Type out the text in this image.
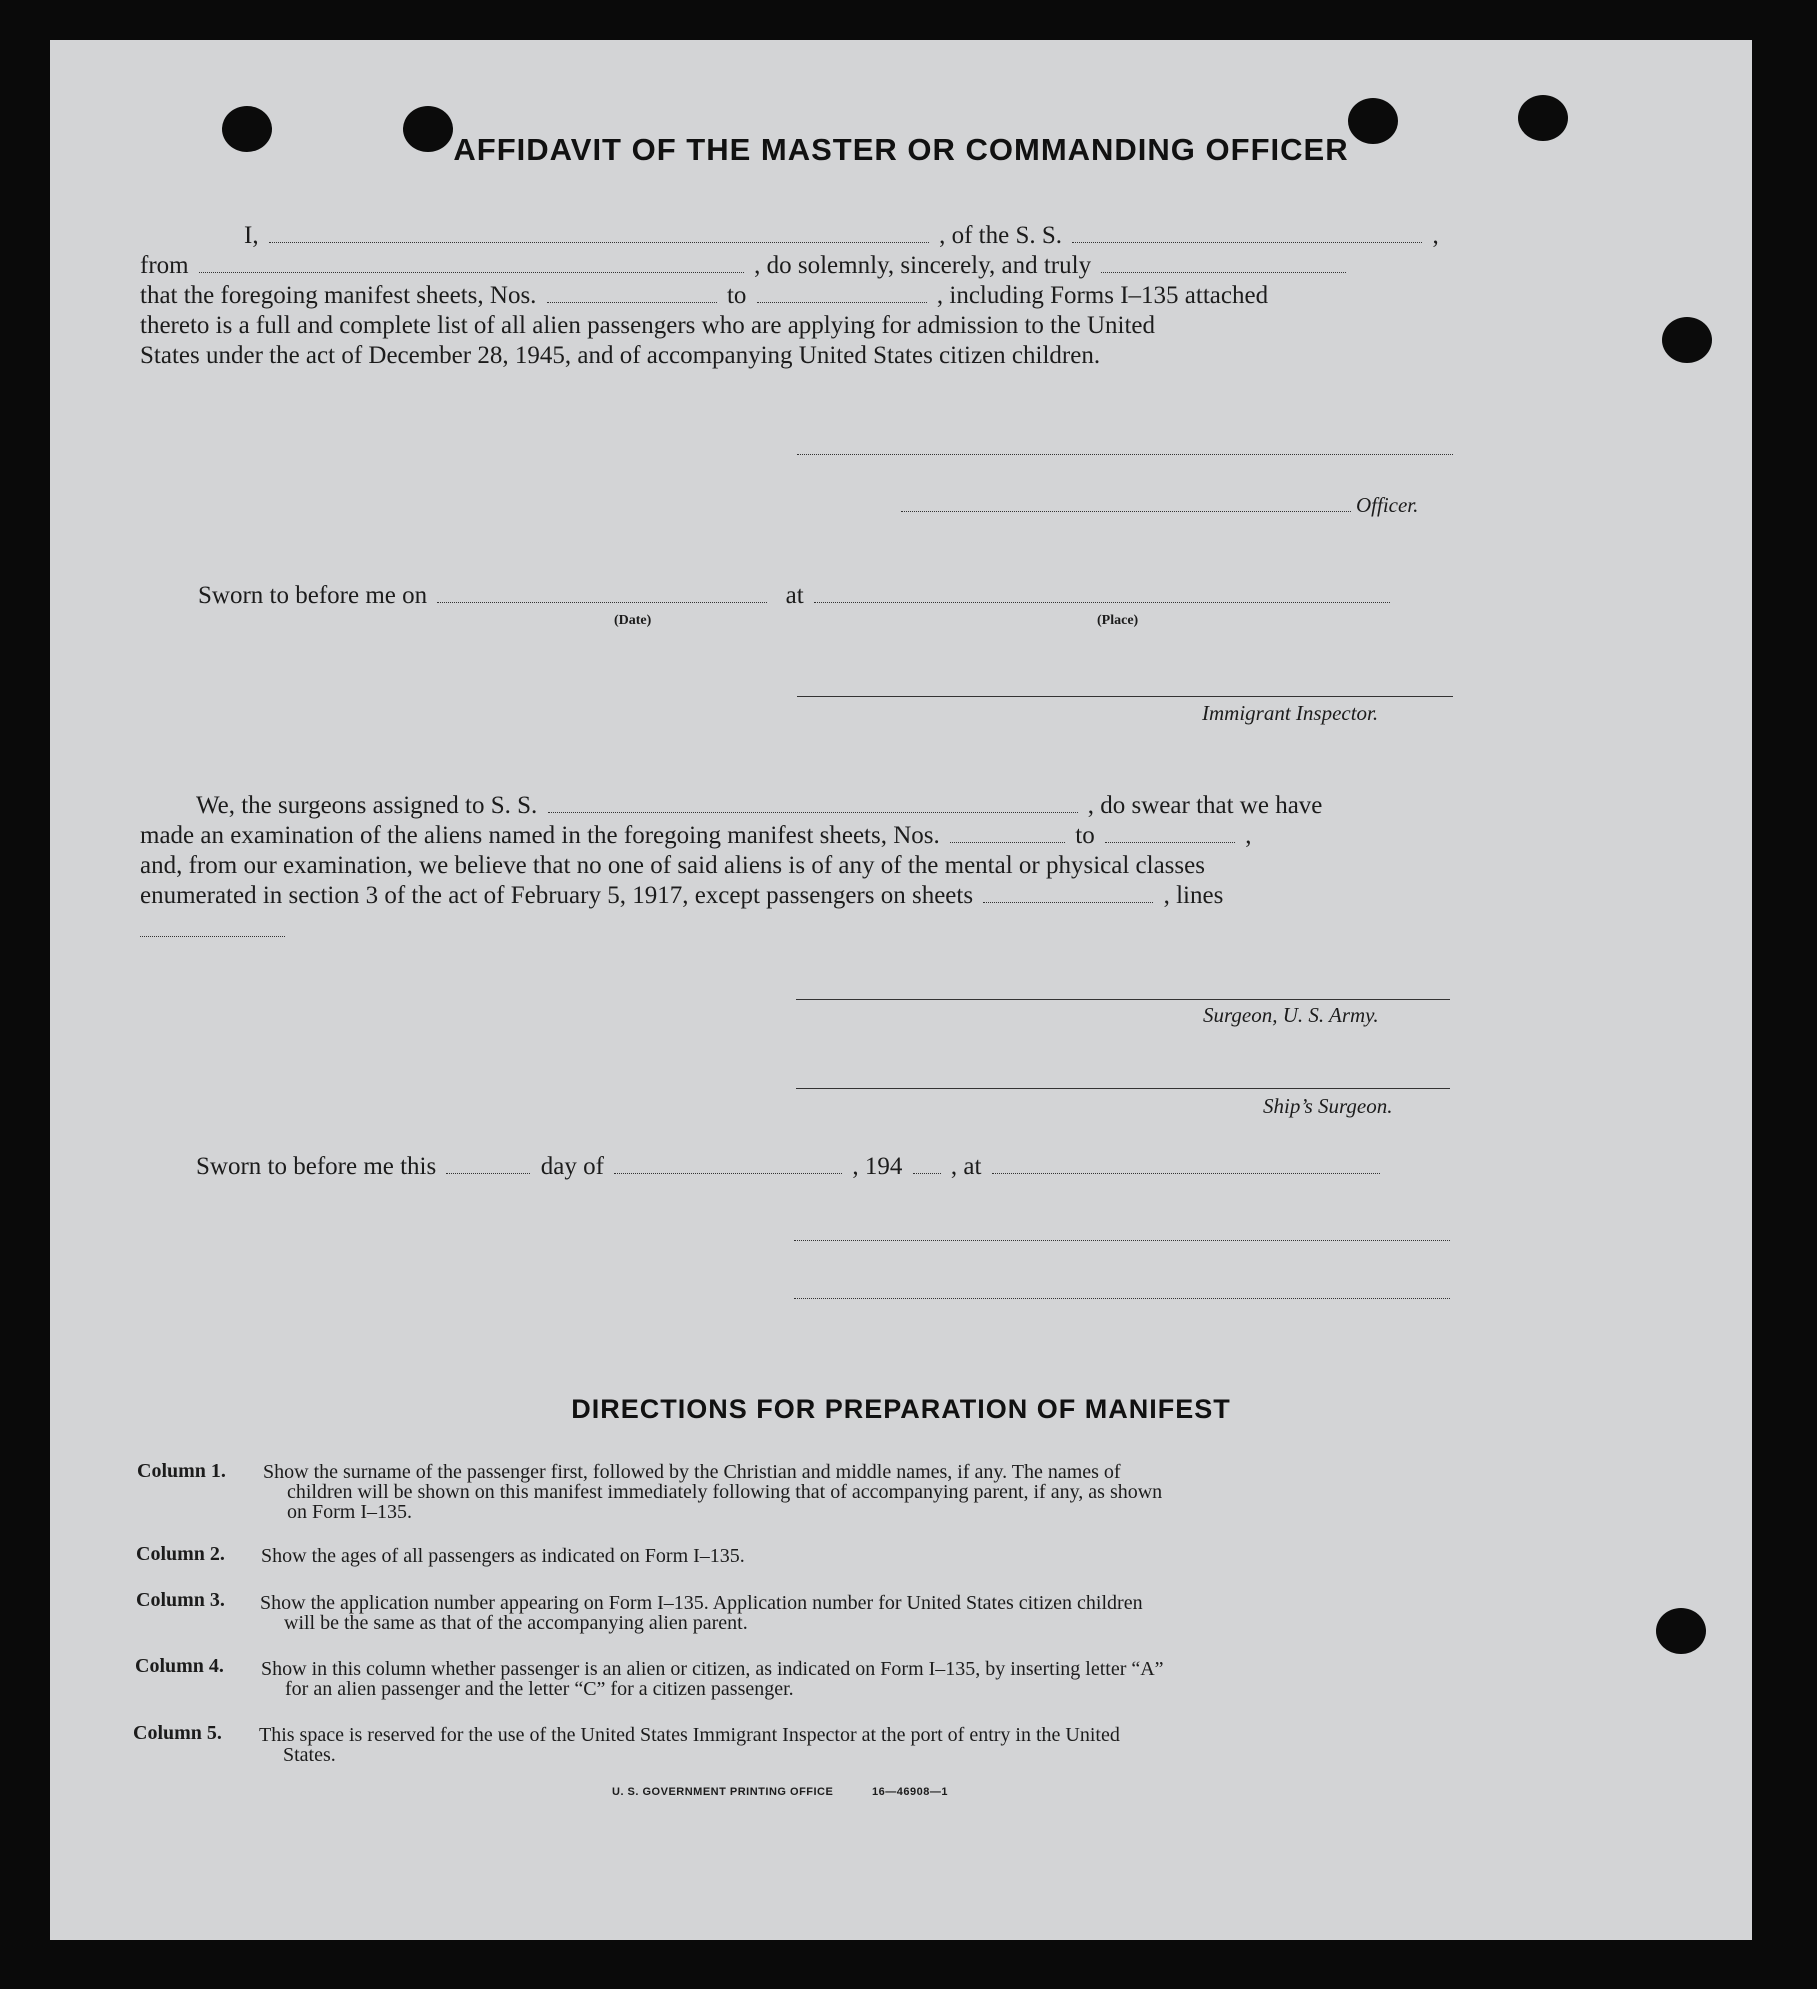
AFFIDAVIT OF THE MASTER OR COMMANDING OFFICER
I,	, of the S. S.	,
from	, do solemnly, sincerely, and truly
that the foregoing manifest sheets, Nos.	to	, including Forms I–135 attached
thereto is a full and complete list of all alien passengers who are applying for admission to the United
States under the act of December 28, 1945, and of accompanying United States citizen children.
Officer.
Sworn to before me on	at
(Date)	(Place)
Immigrant Inspector.
We, the surgeons assigned to S. S.	, do swear that we have
made an examination of the aliens named in the foregoing manifest sheets, Nos.	to	,
and, from our examination, we believe that no one of said aliens is of any of the mental or physical classes
enumerated in section 3 of the act of February 5, 1917, except passengers on sheets	, lines
Surgeon, U. S. Army.
Ship’s Surgeon.
Sworn to before me this	day of	, 194 , at
DIRECTIONS FOR PREPARATION OF MANIFEST
Column 1. Show the surname of the passenger first, followed by the Christian and middle names, if any. The names of
children will be shown on this manifest immediately following that of accompanying parent, if any, as shown
on Form I–135.
Column 2. Show the ages of all passengers as indicated on Form I–135.
Column 3. Show the application number appearing on Form I–135. Application number for United States citizen children
will be the same as that of the accompanying alien parent.
Column 4. Show in this column whether passenger is an alien or citizen, as indicated on Form I–135, by inserting letter “A”
for an alien passenger and the letter “C” for a citizen passenger.
Column 5. This space is reserved for the use of the United States Immigrant Inspector at the port of entry in the United
States.
U. S. GOVERNMENT PRINTING OFFICE	16—46908—1
